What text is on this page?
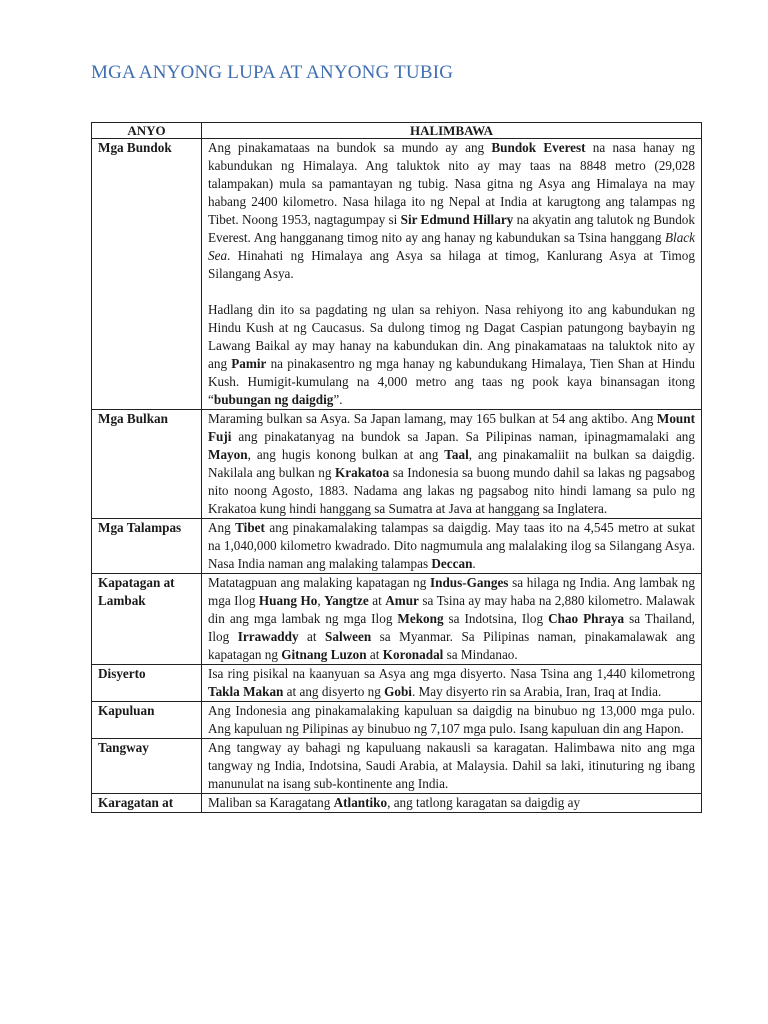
MGA ANYONG LUPA AT ANYONG TUBIG
ANYO	HALIMBAWA
Mga Bundok	Ang pinakamataas na bundok sa mundo ay ang Bundok Everest na nasa hanay ng kabundukan ng Himalaya. Ang taluktok nito ay may taas na 8848 metro (29,028 talampakan) mula sa pamantayan ng tubig. Nasa gitna ng Asya ang Himalaya na may habang 2400 kilometro. Nasa hilaga ito ng Nepal at India at karugtong ang talampas ng Tibet. Noong 1953, nagtagumpay si Sir Edmund Hillary na akyatin ang talutok ng Bundok Everest. Ang hangganang timog nito ay ang hanay ng kabundukan sa Tsina hanggang Black Sea. Hinahati ng Himalaya ang Asya sa hilaga at timog, Kanlurang Asya at Timog Silangang Asya.

Hadlang din ito sa pagdating ng ulan sa rehiyon. Nasa rehiyong ito ang kabundukan ng Hindu Kush at ng Caucasus. Sa dulong timog ng Dagat Caspian patungong baybayin ng Lawang Baikal ay may hanay na kabundukan din. Ang pinakamataas na taluktok nito ay ang Pamir na pinakasentro ng mga hanay ng kabundukang Himalaya, Tien Shan at Hindu Kush. Humigit-kumulang na 4,000 metro ang taas ng pook kaya binansagan itong “bubungan ng daigdig”.

Mga Bulkan	Maraming bulkan sa Asya. Sa Japan lamang, may 165 bulkan at 54 ang aktibo. Ang Mount Fuji ang pinakatanyag na bundok sa Japan. Sa Pilipinas naman, ipinagmamalaki ang Mayon, ang hugis konong bulkan at ang Taal, ang pinakamaliit na bulkan sa daigdig. Nakilala ang bulkan ng Krakatoa sa Indonesia sa buong mundo dahil sa lakas ng pagsabog nito noong Agosto, 1883. Nadama ang lakas ng pagsabog nito hindi lamang sa pulo ng Krakatoa kung hindi hanggang sa Sumatra at Java at hanggang sa Inglatera.

Mga Talampas	Ang Tibet ang pinakamalaking talampas sa daigdig. May taas ito na 4,545 metro at sukat na 1,040,000 kilometro kwadrado. Dito nagmumula ang malalaking ilog sa Silangang Asya. Nasa India naman ang malaking talampas Deccan.

Kapatagan at Lambak	Matatagpuan ang malaking kapatagan ng Indus-Ganges sa hilaga ng India. Ang lambak ng mga Ilog Huang Ho, Yangtze at Amur sa Tsina ay may haba na 2,880 kilometro. Malawak din ang mga lambak ng mga Ilog Mekong sa Indotsina, Ilog Chao Phraya sa Thailand, Ilog Irrawaddy at Salween sa Myanmar. Sa Pilipinas naman, pinakamalawak ang kapatagan ng Gitnang Luzon at Koronadal sa Mindanao.

Disyerto	Isa ring pisikal na kaanyuan sa Asya ang mga disyerto. Nasa Tsina ang 1,440 kilometrong Takla Makan at ang disyerto ng Gobi. May disyerto rin sa Arabia, Iran, Iraq at India.

Kapuluan	Ang Indonesia ang pinakamalaking kapuluan sa daigdig na binubuo ng 13,000 mga pulo. Ang kapuluan ng Pilipinas ay binubuo ng 7,107 mga pulo. Isang kapuluan din ang Hapon.

Tangway	Ang tangway ay bahagi ng kapuluang nakausli sa karagatan. Halimbawa nito ang mga tangway ng India, Indotsina, Saudi Arabia, at Malaysia. Dahil sa laki, itinuturing ng ibang manunulat na isang sub-kontinente ang India.

Karagatan at	Maliban sa Karagatang Atlantiko, ang tatlong karagatan sa daigdig ay
